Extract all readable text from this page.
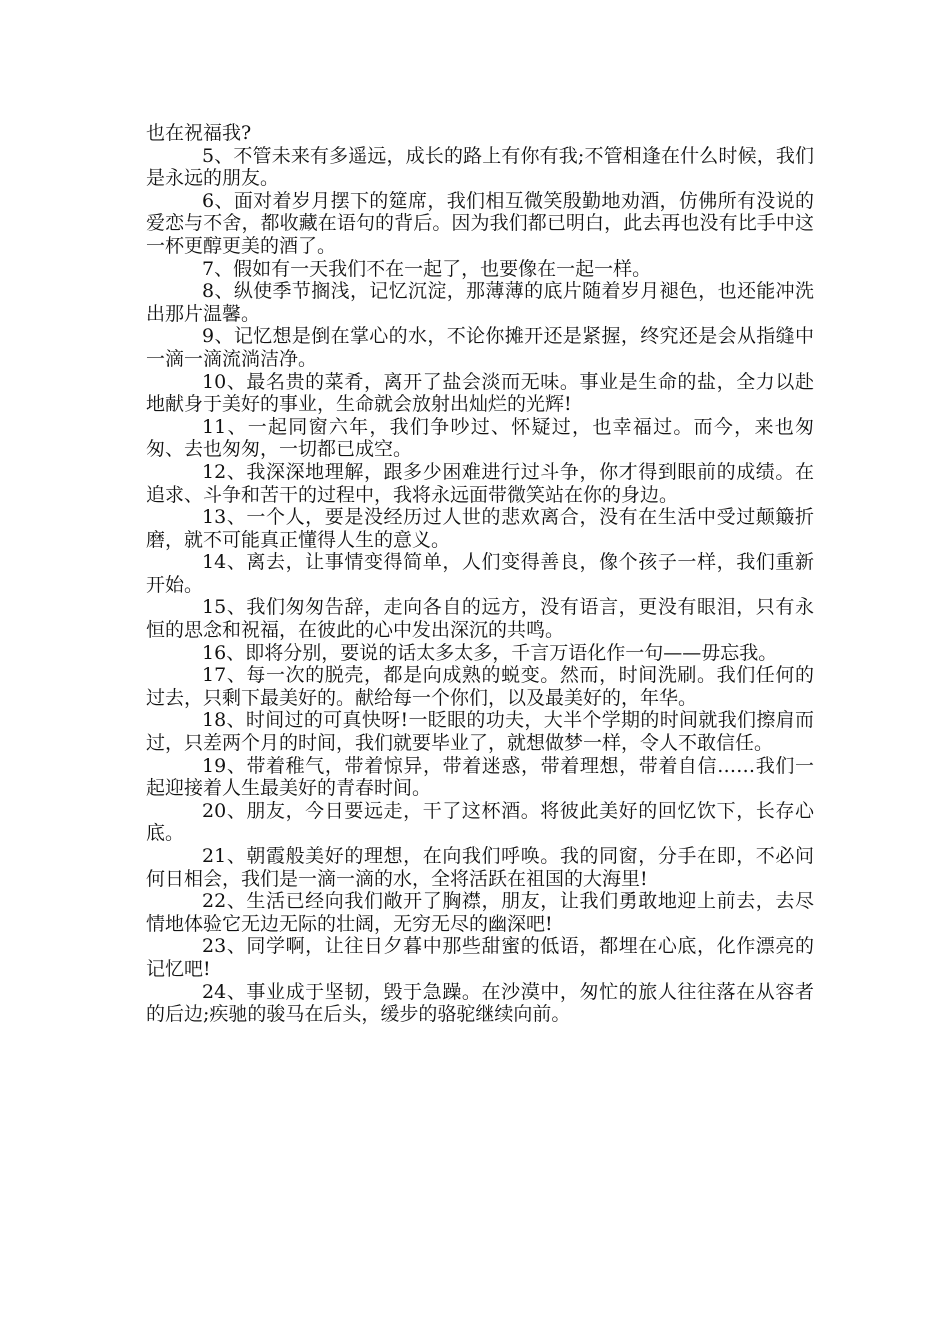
也在祝福我?

5、不管未来有多遥远，成长的路上有你有我;不管相逢在什么时候，我们是永远的朋友。

6、面对着岁月摆下的筵席，我们相互微笑殷勤地劝酒，仿佛所有没说的爱恋与不舍，都收藏在语句的背后。因为我们都已明白，此去再也没有比手中这一杯更醇更美的酒了。

7、假如有一天我们不在一起了，也要像在一起一样。

8、纵使季节搁浅，记忆沉淀，那薄薄的底片随着岁月褪色，也还能冲洗出那片温馨。

9、记忆想是倒在掌心的水，不论你摊开还是紧握，终究还是会从指缝中一滴一滴流淌洁净。

10、最名贵的菜肴，离开了盐会淡而无味。事业是生命的盐，全力以赴地献身于美好的事业，生命就会放射出灿烂的光辉!

11、一起同窗六年，我们争吵过、怀疑过，也幸福过。而今，来也匆匆、去也匆匆，一切都已成空。

12、我深深地理解，跟多少困难进行过斗争，你才得到眼前的成绩。在追求、斗争和苦干的过程中，我将永远面带微笑站在你的身边。

13、一个人，要是没经历过人世的悲欢离合，没有在生活中受过颠簸折磨，就不可能真正懂得人生的意义。

14、离去，让事情变得简单，人们变得善良，像个孩子一样，我们重新开始。

15、我们匆匆告辞，走向各自的远方，没有语言，更没有眼泪，只有永恒的思念和祝福，在彼此的心中发出深沉的共鸣。

16、即将分别，要说的话太多太多，千言万语化作一句——毋忘我。

17、每一次的脱壳，都是向成熟的蜕变。然而，时间洗刷。我们任何的过去，只剩下最美好的。献给每一个你们，以及最美好的，年华。

18、时间过的可真快呀!一眨眼的功夫，大半个学期的时间就我们擦肩而过，只差两个月的时间，我们就要毕业了，就想做梦一样，令人不敢信任。

19、带着稚气，带着惊异，带着迷惑，带着理想，带着自信……我们一起迎接着人生最美好的青春时间。

20、朋友，今日要远走，干了这杯酒。将彼此美好的回忆饮下，长存心底。

21、朝霞般美好的理想，在向我们呼唤。我的同窗，分手在即，不必问何日相会，我们是一滴一滴的水，全将活跃在祖国的大海里!

22、生活已经向我们敞开了胸襟，朋友，让我们勇敢地迎上前去，去尽情地体验它无边无际的壮阔，无穷无尽的幽深吧!

23、同学啊，让往日夕暮中那些甜蜜的低语，都埋在心底，化作漂亮的记忆吧!

24、事业成于坚韧，毁于急躁。在沙漠中，匆忙的旅人往往落在从容者的后边;疾驰的骏马在后头，缓步的骆驼继续向前。
